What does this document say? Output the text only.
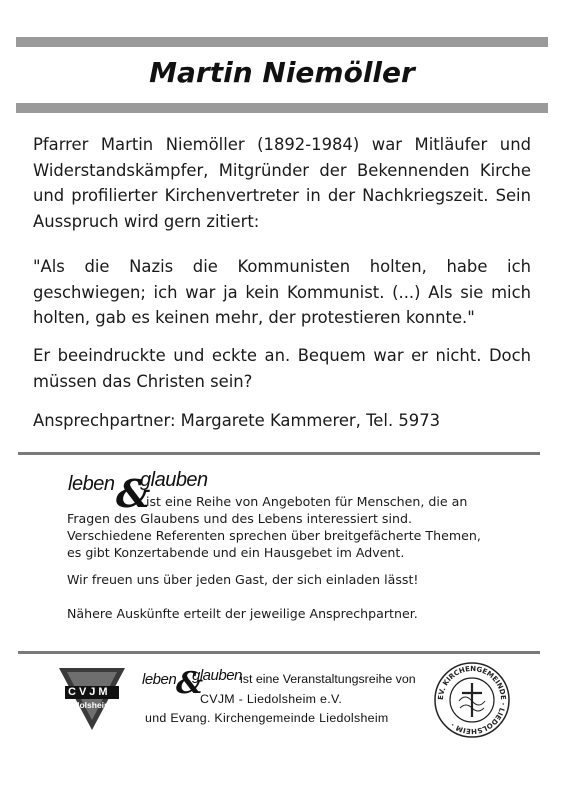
Martin Niemöller

Pfarrer Martin Niemöller (1892-1984) war Mitläufer und Widerstandskämpfer, Mitgründer der Bekennenden Kirche und profilierter Kirchenvertreter in der Nachkriegszeit. Sein Ausspruch wird gern zitiert:

"Als die Nazis die Kommunisten holten, habe ich geschwiegen; ich war ja kein Kommunist. (...) Als sie mich holten, gab es keinen mehr, der protestieren konnte."

Er beeindruckte und eckte an. Bequem war er nicht. Doch müssen das Christen sein?

Ansprechpartner: Margarete Kammerer, Tel. 5973

leben &
glauben
ist eine Reihe von Angeboten für Menschen, die an
Fragen des Glaubens und des Lebens interessiert sind.
Verschiedene Referenten sprechen über breitgefächerte Themen,
es gibt Konzertabende und ein Hausgebet im Advent.
Wir freuen uns über jeden Gast, der sich einladen lässt!
Nähere Auskünfte erteilt der jeweilige Ansprechpartner.
CVJM
Liedolsheim
leben &
glauben
ist eine Veranstaltungsreihe von
CVJM - Liedolsheim e.V.
und Evang. Kirchengemeinde Liedolsheim
EV. KIRCHENGEMEINDE · LIEDOLSHEIM ·
